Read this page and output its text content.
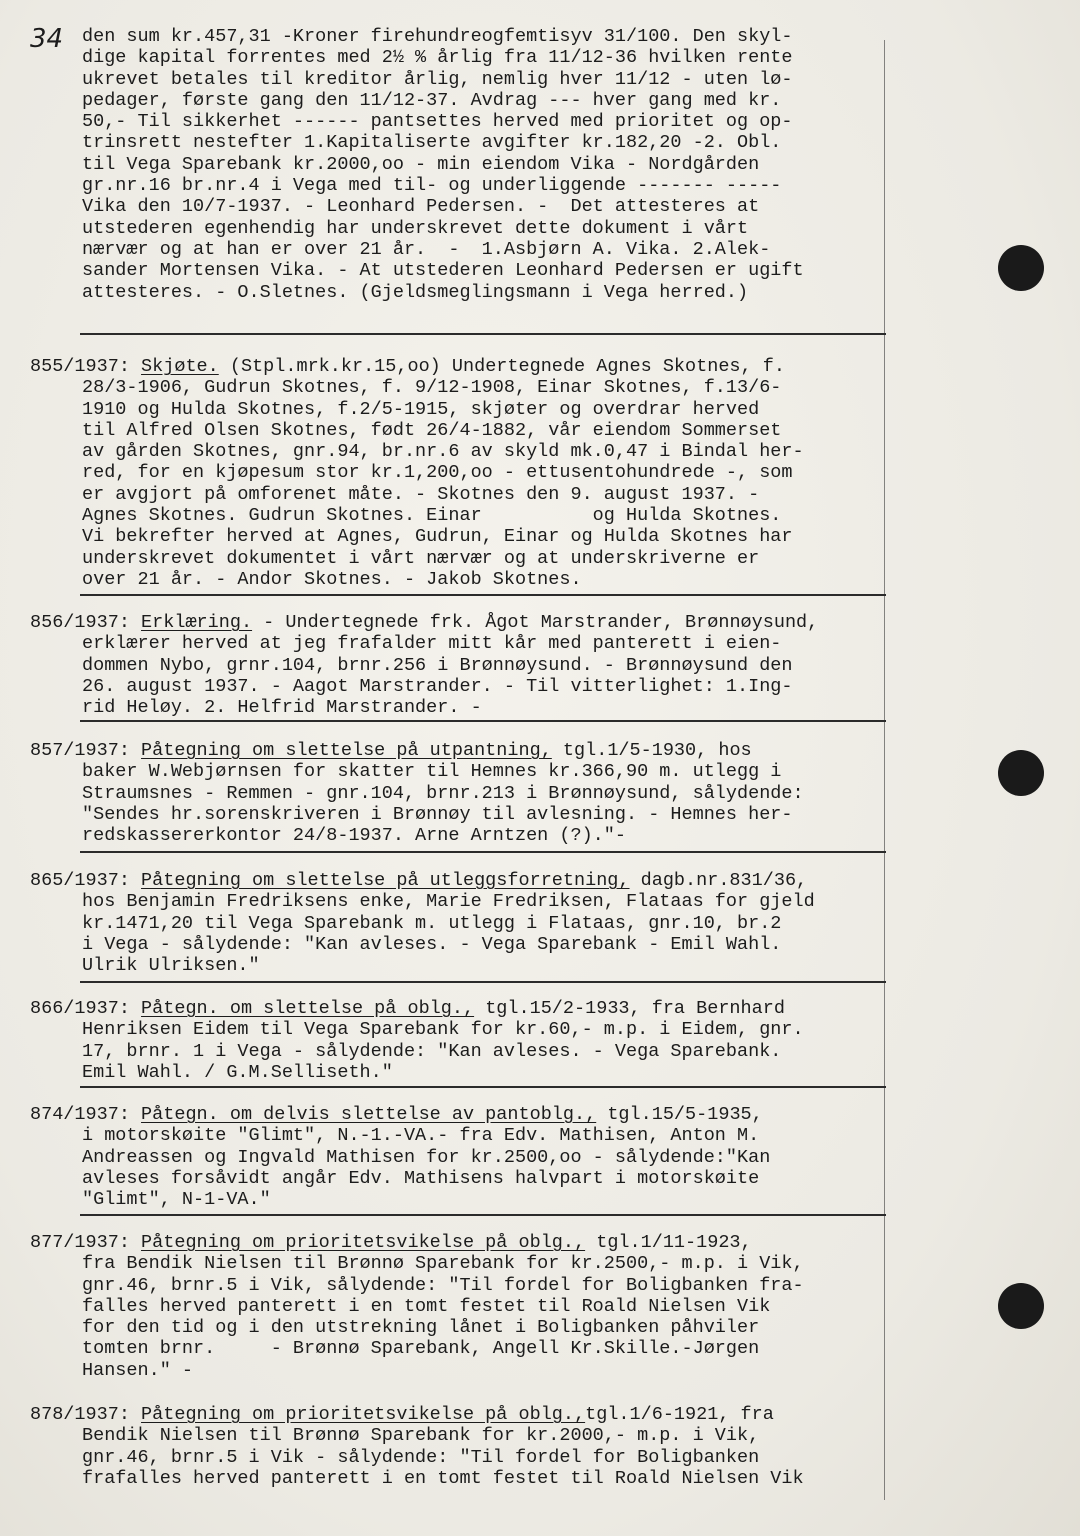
34	den sum kr.457,31 -Kroner firehundreogfemtisyv 31/100. Den skyl-
dige kapital forrentes med 2½ % årlig fra 11/12-36 hvilken rente
ukrevet betales til kreditor årlig, nemlig hver 11/12 - uten lø-
pedager, første gang den 11/12-37. Avdrag --- hver gang med kr.
50,- Til sikkerhet ------ pantsettes herved med prioritet og op-
trinsrett nestefter 1.Kapitaliserte avgifter kr.182,20 -2. Obl.
til Vega Sparebank kr.2000,oo - min eiendom Vika - Nordgården
gr.nr.16 br.nr.4 i Vega med til- og underliggende ------- -----
Vika den 10/7-1937. - Leonhard Pedersen. -  Det attesteres at
utstederen egenhendig har underskrevet dette dokument i vårt
nærvær og at han er over 21 år.  -  1.Asbjørn A. Vika. 2.Alek-
sander Mortensen Vika. - At utstederen Leonhard Pedersen er ugift
attesteres. - O.Sletnes. (Gjeldsmeglingsmann i Vega herred.)
855/1937: Skjøte. (Stpl.mrk.kr.15,oo) Undertegnede Agnes Skotnes, f.
28/3-1906, Gudrun Skotnes, f. 9/12-1908, Einar Skotnes, f.13/6-
1910 og Hulda Skotnes, f.2/5-1915, skjøter og overdrar herved
til Alfred Olsen Skotnes, født 26/4-1882, vår eiendom Sommerset
av gården Skotnes, gnr.94, br.nr.6 av skyld mk.0,47 i Bindal her-
red, for en kjøpesum stor kr.1,200,oo - ettusentohundrede -, som
er avgjort på omforenet måte. - Skotnes den 9. august 1937. -
Agnes Skotnes. Gudrun Skotnes. Einar          og Hulda Skotnes.
Vi bekrefter herved at Agnes, Gudrun, Einar og Hulda Skotnes har
underskrevet dokumentet i vårt nærvær og at underskriverne er
over 21 år. - Andor Skotnes. - Jakob Skotnes.
856/1937: Erklæring. - Undertegnede frk. Ågot Marstrander, Brønnøysund,
erklærer herved at jeg frafalder mitt kår med panterett i eien-
dommen Nybo, grnr.104, brnr.256 i Brønnøysund. - Brønnøysund den
26. august 1937. - Aagot Marstrander. - Til vitterlighet: 1.Ing-
rid Heløy. 2. Helfrid Marstrander. -
857/1937: Påtegning om slettelse på utpantning, tgl.1/5-1930, hos
baker W.Webjørnsen for skatter til Hemnes kr.366,90 m. utlegg i
Straumsnes - Remmen - gnr.104, brnr.213 i Brønnøysund, sålydende:
"Sendes hr.sorenskriveren i Brønnøy til avlesning. - Hemnes her-
redskassererkontor 24/8-1937. Arne Arntzen (?)."-
865/1937: Påtegning om slettelse på utleggsforretning, dagb.nr.831/36,
hos Benjamin Fredriksens enke, Marie Fredriksen, Flataas for gjeld
kr.1471,20 til Vega Sparebank m. utlegg i Flataas, gnr.10, br.2
i Vega - sålydende: "Kan avleses. - Vega Sparebank - Emil Wahl.
Ulrik Ulriksen."
866/1937: Påtegn. om slettelse på oblg., tgl.15/2-1933, fra Bernhard
Henriksen Eidem til Vega Sparebank for kr.60,- m.p. i Eidem, gnr.
17, brnr. 1 i Vega - sålydende: "Kan avleses. - Vega Sparebank.
Emil Wahl. / G.M.Selliseth."
874/1937: Påtegn. om delvis slettelse av pantoblg., tgl.15/5-1935,
i motorskøite "Glimt", N.-1.-VA.- fra Edv. Mathisen, Anton M.
Andreassen og Ingvald Mathisen for kr.2500,oo - sålydende:"Kan
avleses forsåvidt angår Edv. Mathisens halvpart i motorskøite
"Glimt", N-1-VA."
877/1937: Påtegning om prioritetsvikelse på oblg., tgl.1/11-1923,
fra Bendik Nielsen til Brønnø Sparebank for kr.2500,- m.p. i Vik,
gnr.46, brnr.5 i Vik, sålydende: "Til fordel for Boligbanken fra-
falles herved panterett i en tomt festet til Roald Nielsen Vik
for den tid og i den utstrekning lånet i Boligbanken påhviler
tomten brnr.     - Brønnø Sparebank, Angell Kr.Skille.-Jørgen
Hansen." -
878/1937: Påtegning om prioritetsvikelse på oblg.,tgl.1/6-1921, fra
Bendik Nielsen til Brønnø Sparebank for kr.2000,- m.p. i Vik,
gnr.46, brnr.5 i Vik - sålydende: "Til fordel for Boligbanken
frafalles herved panterett i en tomt festet til Roald Nielsen Vik
